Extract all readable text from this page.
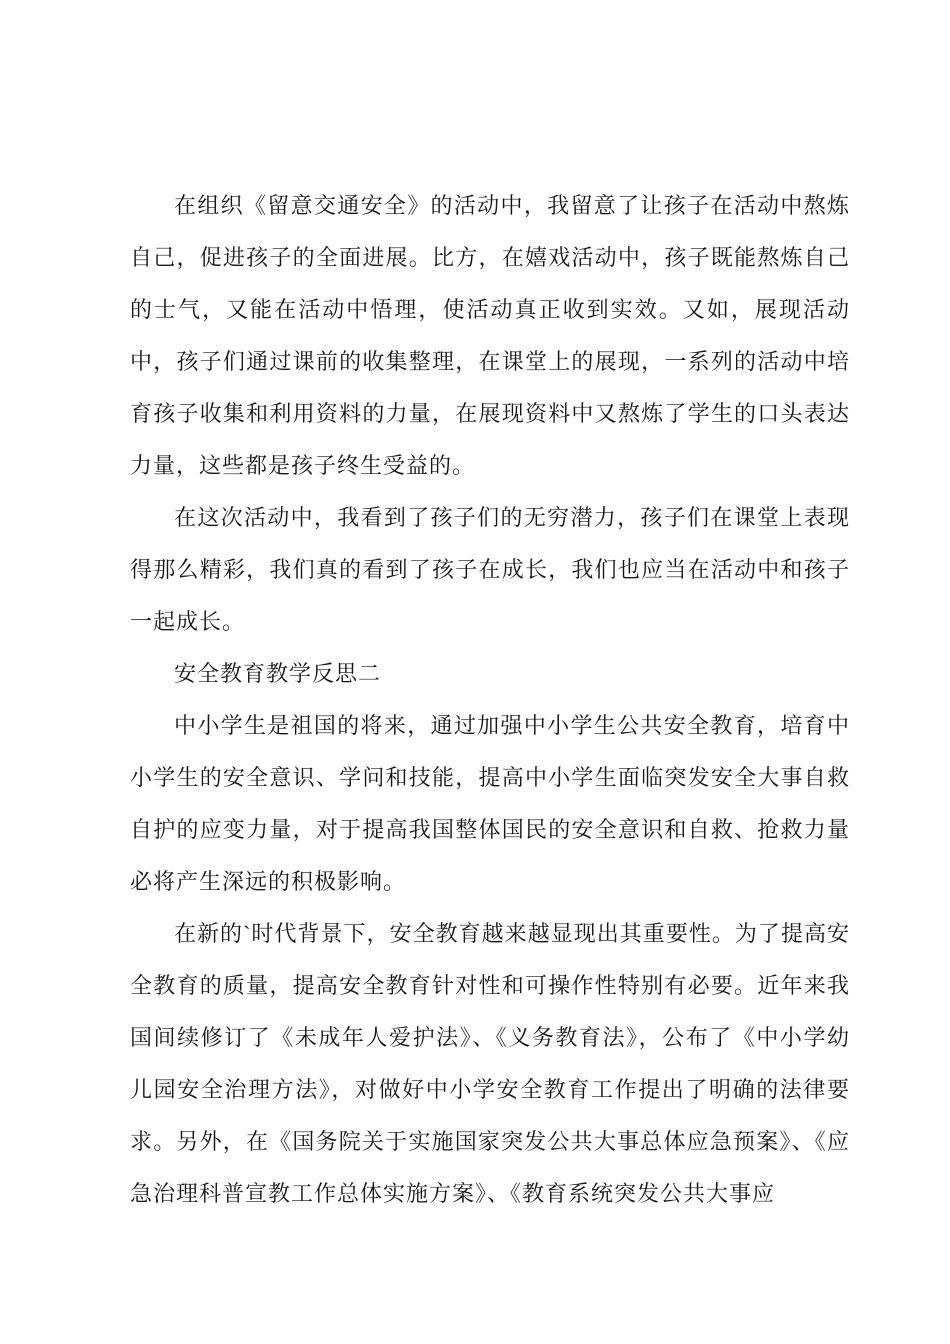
在组织《留意交通安全》的活动中，我留意了让孩子在活动中熬炼自己，促进孩子的全面进展。比方，在嬉戏活动中，孩子既能熬炼自己的士气，又能在活动中悟理，使活动真正收到实效。又如，展现活动中，孩子们通过课前的收集整理，在课堂上的展现，一系列的活动中培育孩子收集和利用资料的力量，在展现资料中又熬炼了学生的口头表达力量，这些都是孩子终生受益的。

在这次活动中，我看到了孩子们的无穷潜力，孩子们在课堂上表现得那么精彩，我们真的看到了孩子在成长，我们也应当在活动中和孩子一起成长。

安全教育教学反思二

中小学生是祖国的将来，通过加强中小学生公共安全教育，培育中小学生的安全意识、学问和技能，提高中小学生面临突发安全大事自救自护的应变力量，对于提高我国整体国民的安全意识和自救、抢救力量必将产生深远的积极影响。

在新的`时代背景下，安全教育越来越显现出其重要性。为了提高安全教育的质量，提高安全教育针对性和可操作性特别有必要。近年来我国间续修订了《未成年人爱护法》、《义务教育法》，公布了《中小学幼儿园安全治理方法》，对做好中小学安全教育工作提出了明确的法律要求。另外，在《国务院关于实施国家突发公共大事总体应急预案》、《应急治理科普宣教工作总体实施方案》、《教育系统突发公共大事应
